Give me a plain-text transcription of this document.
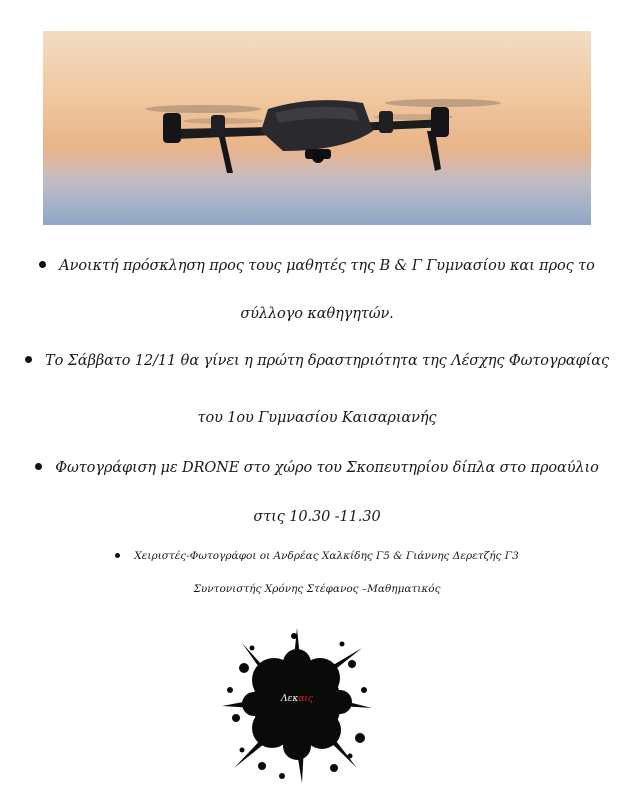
Ανοικτή πρόσκληση προς τους μαθητές της Β & Γ Γυμνασίου και προς το
σύλλογο καθηγητών.
Το Σάββατο 12/11 θα γίνει η πρώτη δραστηριότητα της Λέσχης Φωτογραφίας
του 1ου Γυμνασίου Καισαριανής
Φωτογράφιση με DRONE στο χώρο του Σκοπευτηρίου δίπλα στο προαύλιο
στις 10.30 -11.30
Χειριστές-Φωτογράφοι οι Ανδρέας Χαλκίδης Γ5 & Γιάννης Δερετζής Γ3
Συντονιστής Χρόνης Στέφανος –Μαθηματικός
Λεκαις
